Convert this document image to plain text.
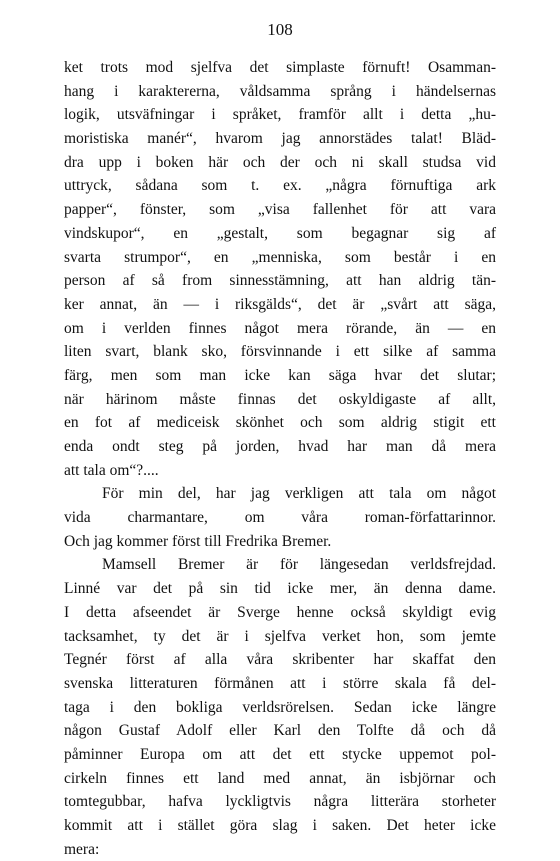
108
ket trots mod sjelfva det simplaste förnuft! Osamman-
hang i karaktererna, våldsamma språng i händelsernas
logik, utsväfningar i språket, framför allt i detta „hu-
moristiska manér“, hvarom jag annorstädes talat! Bläd-
dra upp i boken här och der och ni skall studsa vid
uttryck, sådana som t. ex. „några förnuftiga ark
papper“, fönster, som „visa fallenhet för att vara
vindskupor“, en „gestalt, som begagnar sig af
svarta strumpor“, en „menniska, som består i en
person af så from sinnesstämning, att han aldrig tän-
ker annat, än — i riksgälds“, det är „svårt att säga,
om i verlden finnes något mera rörande, än — en
liten svart, blank sko, försvinnande i ett silke af samma
färg, men som man icke kan säga hvar det slutar;
när härinom måste finnas det oskyldigaste af allt,
en fot af mediceisk skönhet och som aldrig stigit ett
enda ondt steg på jorden, hvad har man då mera
att tala om“?....
För min del, har jag verkligen att tala om något
vida charmantare, om våra roman-författarinnor.
Och jag kommer först till Fredrika Bremer.
Mamsell Bremer är för längesedan verldsfrejdad.
Linné var det på sin tid icke mer, än denna dame.
I detta afseendet är Sverge henne också skyldigt evig
tacksamhet, ty det är i sjelfva verket hon, som jemte
Tegnér först af alla våra skribenter har skaffat den
svenska litteraturen förmånen att i större skala få del-
taga i den bokliga verldsrörelsen. Sedan icke längre
någon Gustaf Adolf eller Karl den Tolfte då och då
påminner Europa om att det ett stycke uppemot pol-
cirkeln finnes ett land med annat, än isbjörnar och
tomtegubbar, hafva lyckligtvis några litterära storheter
kommit att i stället göra slag i saken. Det heter icke
mera:
